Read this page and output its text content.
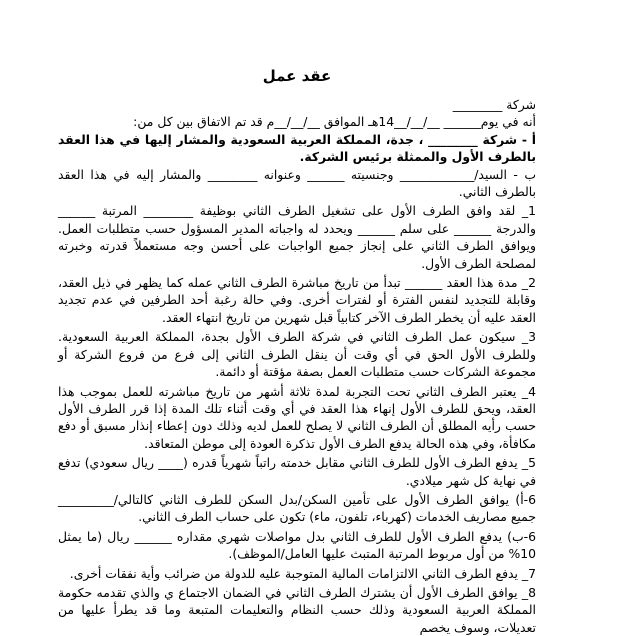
عقد عمل

شركة ________

أنه في يوم______ __/__/__14هـ الموافق __/__/__م قد تم الاتفاق بين كل من:

أ - شركة ________ ، جدة، المملكة العربية السعودية والمشار إليها في هذا العقد بالطرف الأول والممثلة برئيس الشركة.

ب - السيد/____________ وجنسيته ______ وعنوانه ________ والمشار إليه في هذا العقد بالطرف الثاني.

1_ لقد وافق الطرف الأول على تشغيل الطرف الثاني بوظيفة ________ المرتبة ______ والدرجة ______ على سلم ______ ويحدد له واجباته المدير المسؤول حسب متطلبات العمل. ويوافق الطرف الثاني على إنجاز جميع الواجبات على أحسن وجه مستعملاً قدرته وخبرته لمصلحة الطرف الأول.

2_ مدة هذا العقد ______ تبدأ من تاريخ مباشرة الطرف الثاني عمله كما يظهر في ذيل العقد، وقابلة للتجديد لنفس الفترة أو لفترات أخرى. وفي حالة رغبة أحد الطرفين في عدم تجديد العقد عليه أن يخطر الطرف الآخر كتابياً قبل شهرين من تاريخ انتهاء العقد.

3_ سيكون عمل الطرف الثاني في شركة الطرف الأول بجدة، المملكة العربية السعودية. وللطرف الأول الحق في أي وقت أن ينقل الطرف الثاني إلى فرع من فروع الشركة أو مجموعة الشركات حسب متطلبات العمل بصفة مؤقتة أو دائمة.

4_ يعتبر الطرف الثاني تحت التجربة لمدة ثلاثة أشهر من تاريخ مباشرته للعمل بموجب هذا العقد، ويحق للطرف الأول إنهاء هذا العقد في أي وقت أثناء تلك المدة إذا قرر الطرف الأول حسب رأيه المطلق أن الطرف الثاني لا يصلح للعمل لديه وذلك دون إعطاء إنذار مسبق أو دفع مكافأة، وفي هذه الحالة يدفع الطرف الأول تذكرة العودة إلى موطن المتعاقد.

5_ يدفع الطرف الأول للطرف الثاني مقابل خدمته راتباً شهرياً قدره (____ ريال سعودي) تدفع في نهاية كل شهر ميلادي.

6-أ) يوافق الطرف الأول على تأمين السكن/بدل السكن للطرف الثاني كالتالي/_________ جميع مصاريف الخدمات (كهرباء، تلفون، ماء) تكون على حساب الطرف الثاني.

6-ب) يدفع الطرف الأول للطرف الثاني بدل مواصلات شهري مقداره ______ ريال (ما يمثل 10% من أول مربوط المرتبة المتبث عليها العامل/الموظف).

7_ يدفع الطرف الثاني الالتزامات المالية المتوجبة عليه للدولة من ضرائب وأية نفقات أخرى.

8_ يوافق الطرف الأول أن يشترك الطرف الثاني في الضمان الاجتماع ي والذي تقدمه حكومة المملكة العربية السعودية وذلك حسب النظام والتعليمات المتبعة وما قد يطرأ عليها من تعديلات، وسوف يخصم
